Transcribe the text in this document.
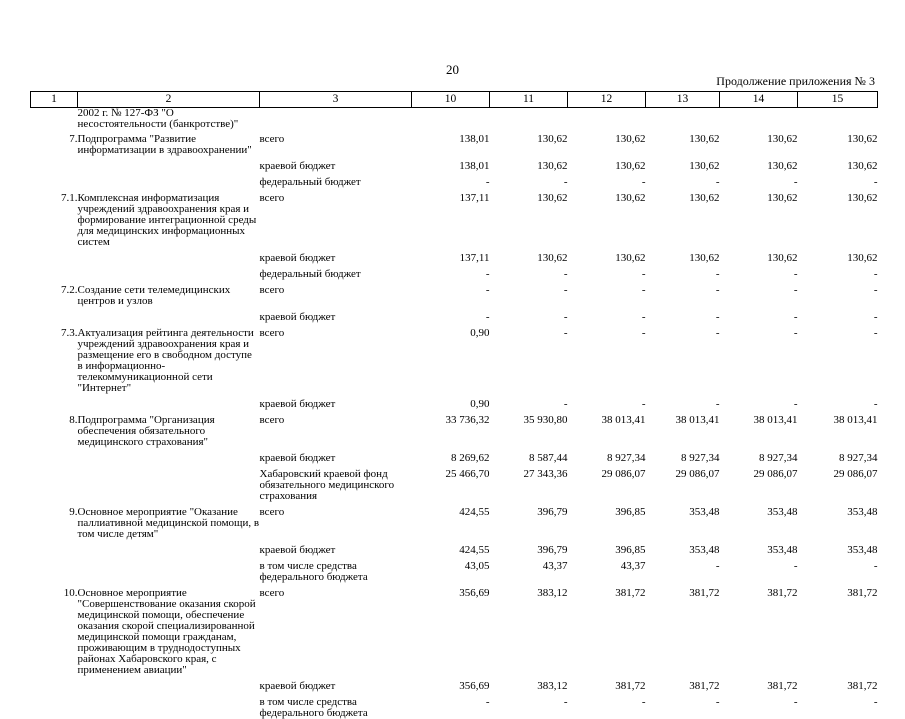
20
Продолжение приложения № 3
1	2	3	10	11	12	13	14	15
	2002 г. № 127-ФЗ "О несостоятельности (банкротстве)"							
7.	Подпрограмма "Развитие информатизации в здравоохранении"	всего	138,01	130,62	130,62	130,62	130,62	130,62
		краевой бюджет	138,01	130,62	130,62	130,62	130,62	130,62
		федеральный бюджет	-	-	-	-	-	-
7.1.	Комплексная информатизация учреждений здравоохранения края и формирование интеграционной среды для медицинских информационных систем	всего	137,11	130,62	130,62	130,62	130,62	130,62
		краевой бюджет	137,11	130,62	130,62	130,62	130,62	130,62
		федеральный бюджет	-	-	-	-	-	-
7.2.	Создание сети телемедицинских центров и узлов	всего	-	-	-	-	-	-
		краевой бюджет	-	-	-	-	-	-
7.3.	Актуализация рейтинга деятельности учреждений здравоохранения края и размещение его в свободном доступе в информационно-телекоммуникационной сети "Интернет"	всего	0,90	-	-	-	-	-
		краевой бюджет	0,90	-	-	-	-	-
8.	Подпрограмма "Организация обеспечения обязательного медицинского страхования"	всего	33 736,32	35 930,80	38 013,41	38 013,41	38 013,41	38 013,41
		краевой бюджет	8 269,62	8 587,44	8 927,34	8 927,34	8 927,34	8 927,34
		Хабаровский краевой фонд обязательного медицинского страхования	25 466,70	27 343,36	29 086,07	29 086,07	29 086,07	29 086,07
9.	Основное мероприятие "Оказание паллиативной медицинской помощи, в том числе детям"	всего	424,55	396,79	396,85	353,48	353,48	353,48
		краевой бюджет	424,55	396,79	396,85	353,48	353,48	353,48
		в том числе средства федерального бюджета	43,05	43,37	43,37	-	-	-
10.	Основное мероприятие "Совершенствование оказания скорой медицинской помощи, обеспечение оказания скорой специализированной медицинской помощи гражданам, проживающим в труднодоступных районах Хабаровского края, с применением авиации"	всего	356,69	383,12	381,72	381,72	381,72	381,72
		краевой бюджет	356,69	383,12	381,72	381,72	381,72	381,72
		в том числе средства федерального бюджета	-	-	-	-	-	-
